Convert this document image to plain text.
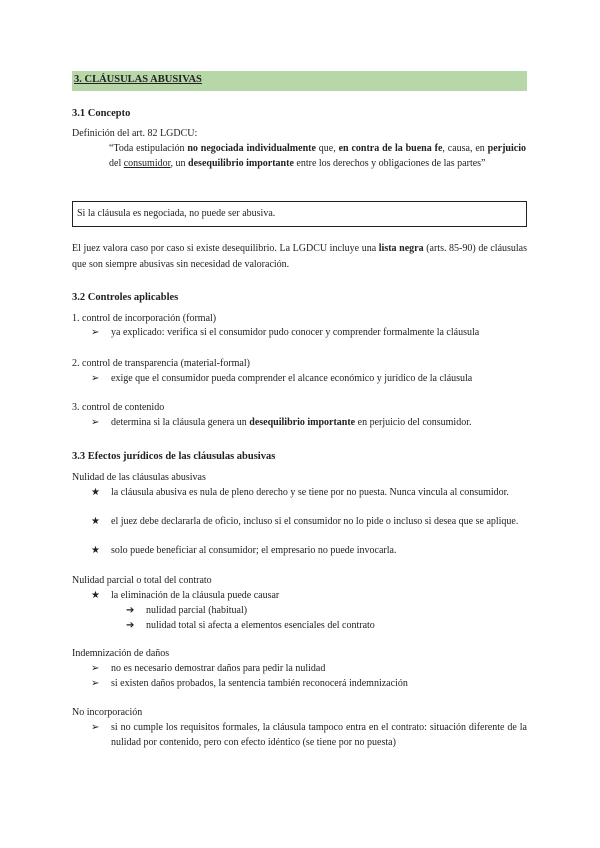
3. CLÁUSULAS ABUSIVAS
3.1 Concepto
Definición del art. 82 LGDCU:
“Toda estipulación no negociada individualmente que, en contra de la buena fe, causa, en perjuicio del consumidor, un desequilibrio importante entre los derechos y obligaciones de las partes”
Si la cláusula es negociada, no puede ser abusiva.
El juez valora caso por caso si existe desequilibrio. La LGDCU incluye una lista negra (arts. 85-90) de cláusulas que son siempre abusivas sin necesidad de valoración.
3.2 Controles aplicables
1. control de incorporación (formal)
➢	ya explicado: verifica si el consumidor pudo conocer y comprender formalmente la cláusula
2. control de transparencia (material-formal)
➢	exige que el consumidor pueda comprender el alcance económico y jurídico de la cláusula
3. control de contenido
➢	determina si la cláusula genera un desequilibrio importante en perjuicio del consumidor.
3.3 Efectos jurídicos de las cláusulas abusivas
Nulidad de las cláusulas abusivas
★	la cláusula abusiva es nula de pleno derecho y se tiene por no puesta. Nunca vincula al consumidor.
★	el juez debe declararla de oficio, incluso si el consumidor no lo pide o incluso si desea que se aplique.
★	solo puede beneficiar al consumidor; el empresario no puede invocarla.
Nulidad parcial o total del contrato
★	la eliminación de la cláusula puede causar
➔	nulidad parcial (habitual)
➔	nulidad total si afecta a elementos esenciales del contrato
Indemnización de daños
➢	no es necesario demostrar daños para pedir la nulidad
➢	si existen daños probados, la sentencia también reconocerá indemnización
No incorporación
➢	si no cumple los requisitos formales, la cláusula tampoco entra en el contrato: situación diferente de la nulidad por contenido, pero con efecto idéntico (se tiene por no puesta)
